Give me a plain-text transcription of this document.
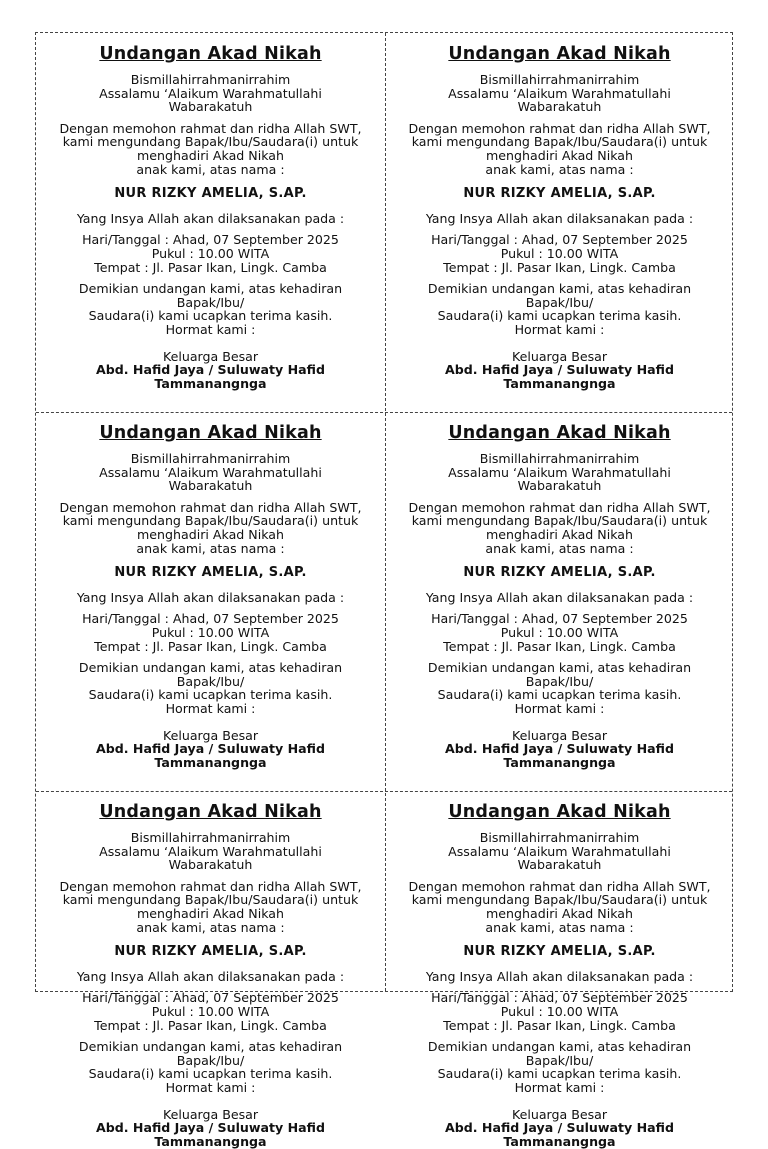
Undangan Akad Nikah
Bismillahirrahmanirrahim
Assalamu ‘Alaikum Warahmatullahi
Wabarakatuh
Dengan memohon rahmat dan ridha Allah SWT,
kami mengundang Bapak/Ibu/Saudara(i) untuk
menghadiri Akad Nikah
anak kami, atas nama :
NUR RIZKY AMELIA, S.AP.
Yang Insya Allah akan dilaksanakan pada :
Hari/Tanggal : Ahad, 07 September 2025
Pukul : 10.00 WITA
Tempat : Jl. Pasar Ikan, Lingk. Camba
Demikian undangan kami, atas kehadiran
Bapak/Ibu/
Saudara(i) kami ucapkan terima kasih.
Hormat kami :
Keluarga Besar
Abd. Hafid Jaya / Suluwaty Hafid
Tammanangnga
Undangan Akad Nikah
Bismillahirrahmanirrahim
Assalamu ‘Alaikum Warahmatullahi
Wabarakatuh
Dengan memohon rahmat dan ridha Allah SWT,
kami mengundang Bapak/Ibu/Saudara(i) untuk
menghadiri Akad Nikah
anak kami, atas nama :
NUR RIZKY AMELIA, S.AP.
Yang Insya Allah akan dilaksanakan pada :
Hari/Tanggal : Ahad, 07 September 2025
Pukul : 10.00 WITA
Tempat : Jl. Pasar Ikan, Lingk. Camba
Demikian undangan kami, atas kehadiran
Bapak/Ibu/
Saudara(i) kami ucapkan terima kasih.
Hormat kami :
Keluarga Besar
Abd. Hafid Jaya / Suluwaty Hafid
Tammanangnga
Undangan Akad Nikah
Bismillahirrahmanirrahim
Assalamu ‘Alaikum Warahmatullahi
Wabarakatuh
Dengan memohon rahmat dan ridha Allah SWT,
kami mengundang Bapak/Ibu/Saudara(i) untuk
menghadiri Akad Nikah
anak kami, atas nama :
NUR RIZKY AMELIA, S.AP.
Yang Insya Allah akan dilaksanakan pada :
Hari/Tanggal : Ahad, 07 September 2025
Pukul : 10.00 WITA
Tempat : Jl. Pasar Ikan, Lingk. Camba
Demikian undangan kami, atas kehadiran
Bapak/Ibu/
Saudara(i) kami ucapkan terima kasih.
Hormat kami :
Keluarga Besar
Abd. Hafid Jaya / Suluwaty Hafid
Tammanangnga
Undangan Akad Nikah
Bismillahirrahmanirrahim
Assalamu ‘Alaikum Warahmatullahi
Wabarakatuh
Dengan memohon rahmat dan ridha Allah SWT,
kami mengundang Bapak/Ibu/Saudara(i) untuk
menghadiri Akad Nikah
anak kami, atas nama :
NUR RIZKY AMELIA, S.AP.
Yang Insya Allah akan dilaksanakan pada :
Hari/Tanggal : Ahad, 07 September 2025
Pukul : 10.00 WITA
Tempat : Jl. Pasar Ikan, Lingk. Camba
Demikian undangan kami, atas kehadiran
Bapak/Ibu/
Saudara(i) kami ucapkan terima kasih.
Hormat kami :
Keluarga Besar
Abd. Hafid Jaya / Suluwaty Hafid
Tammanangnga
Undangan Akad Nikah
Bismillahirrahmanirrahim
Assalamu ‘Alaikum Warahmatullahi
Wabarakatuh
Dengan memohon rahmat dan ridha Allah SWT,
kami mengundang Bapak/Ibu/Saudara(i) untuk
menghadiri Akad Nikah
anak kami, atas nama :
NUR RIZKY AMELIA, S.AP.
Yang Insya Allah akan dilaksanakan pada :
Hari/Tanggal : Ahad, 07 September 2025
Pukul : 10.00 WITA
Tempat : Jl. Pasar Ikan, Lingk. Camba
Demikian undangan kami, atas kehadiran
Bapak/Ibu/
Saudara(i) kami ucapkan terima kasih.
Hormat kami :
Keluarga Besar
Abd. Hafid Jaya / Suluwaty Hafid
Tammanangnga
Undangan Akad Nikah
Bismillahirrahmanirrahim
Assalamu ‘Alaikum Warahmatullahi
Wabarakatuh
Dengan memohon rahmat dan ridha Allah SWT,
kami mengundang Bapak/Ibu/Saudara(i) untuk
menghadiri Akad Nikah
anak kami, atas nama :
NUR RIZKY AMELIA, S.AP.
Yang Insya Allah akan dilaksanakan pada :
Hari/Tanggal : Ahad, 07 September 2025
Pukul : 10.00 WITA
Tempat : Jl. Pasar Ikan, Lingk. Camba
Demikian undangan kami, atas kehadiran
Bapak/Ibu/
Saudara(i) kami ucapkan terima kasih.
Hormat kami :
Keluarga Besar
Abd. Hafid Jaya / Suluwaty Hafid
Tammanangnga
